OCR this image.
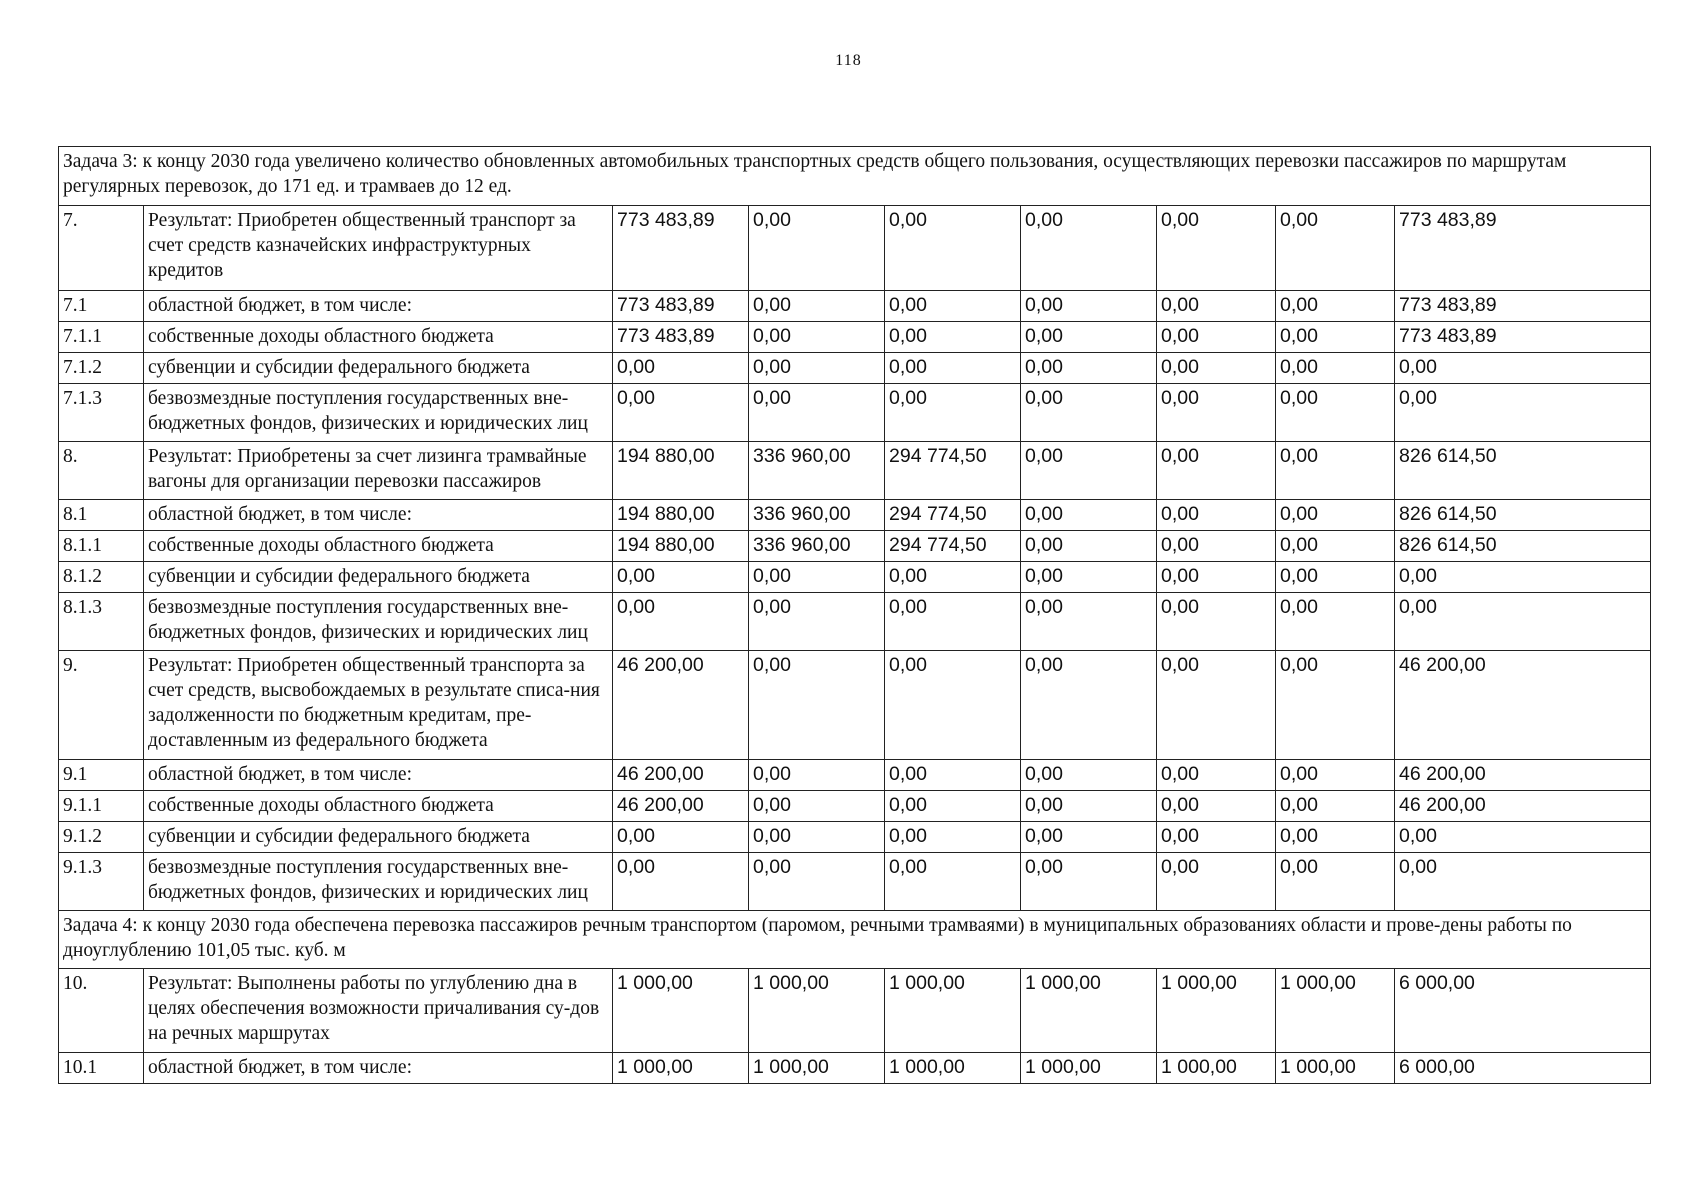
118
Задача 3: к концу 2030 года увеличено количество обновленных автомобильных транспортных средств общего пользования, осуществляющих перевозки пассажиров по маршрутам регулярных перевозок, до 171 ед. и трамваев до 12 ед.								
7.	Результат: Приобретен общественный транспорт за счет средств казначейских инфраструктурных кредитов	773 483,89	0,00	0,00	0,00	0,00	0,00	773 483,89
7.1	областной бюджет, в том числе:	773 483,89	0,00	0,00	0,00	0,00	0,00	773 483,89
7.1.1	собственные доходы областного бюджета	773 483,89	0,00	0,00	0,00	0,00	0,00	773 483,89
7.1.2	субвенции и субсидии федерального бюджета	0,00	0,00	0,00	0,00	0,00	0,00	0,00
7.1.3	безвозмездные поступления государственных вне-бюджетных фондов, физических и юридических лиц	0,00	0,00	0,00	0,00	0,00	0,00	0,00
8.	Результат: Приобретены за счет лизинга трамвайные вагоны для организации перевозки пассажиров	194 880,00	336 960,00	294 774,50	0,00	0,00	0,00	826 614,50
8.1	областной бюджет, в том числе:	194 880,00	336 960,00	294 774,50	0,00	0,00	0,00	826 614,50
8.1.1	собственные доходы областного бюджета	194 880,00	336 960,00	294 774,50	0,00	0,00	0,00	826 614,50
8.1.2	субвенции и субсидии федерального бюджета	0,00	0,00	0,00	0,00	0,00	0,00	0,00
8.1.3	безвозмездные поступления государственных вне-бюджетных фондов, физических и юридических лиц	0,00	0,00	0,00	0,00	0,00	0,00	0,00
9.	Результат: Приобретен общественный транспорта за счет средств, высвобождаемых в результате списа-ния задолженности по бюджетным кредитам, пре-доставленным из федерального бюджета	46 200,00	0,00	0,00	0,00	0,00	0,00	46 200,00
9.1	областной бюджет, в том числе:	46 200,00	0,00	0,00	0,00	0,00	0,00	46 200,00
9.1.1	собственные доходы областного бюджета	46 200,00	0,00	0,00	0,00	0,00	0,00	46 200,00
9.1.2	субвенции и субсидии федерального бюджета	0,00	0,00	0,00	0,00	0,00	0,00	0,00
9.1.3	безвозмездные поступления государственных вне-бюджетных фондов, физических и юридических лиц	0,00	0,00	0,00	0,00	0,00	0,00	0,00
Задача 4: к концу 2030 года обеспечена перевозка пассажиров речным транспортом (паромом, речными трамваями) в муниципальных образованиях области и прове-дены работы по дноуглублению 101,05 тыс. куб. м								
10.	Результат: Выполнены работы по углублению дна в целях обеспечения возможности причаливания су-дов на речных маршрутах	1 000,00	1 000,00	1 000,00	1 000,00	1 000,00	1 000,00	6 000,00
10.1	областной бюджет, в том числе:	1 000,00	1 000,00	1 000,00	1 000,00	1 000,00	1 000,00	6 000,00
